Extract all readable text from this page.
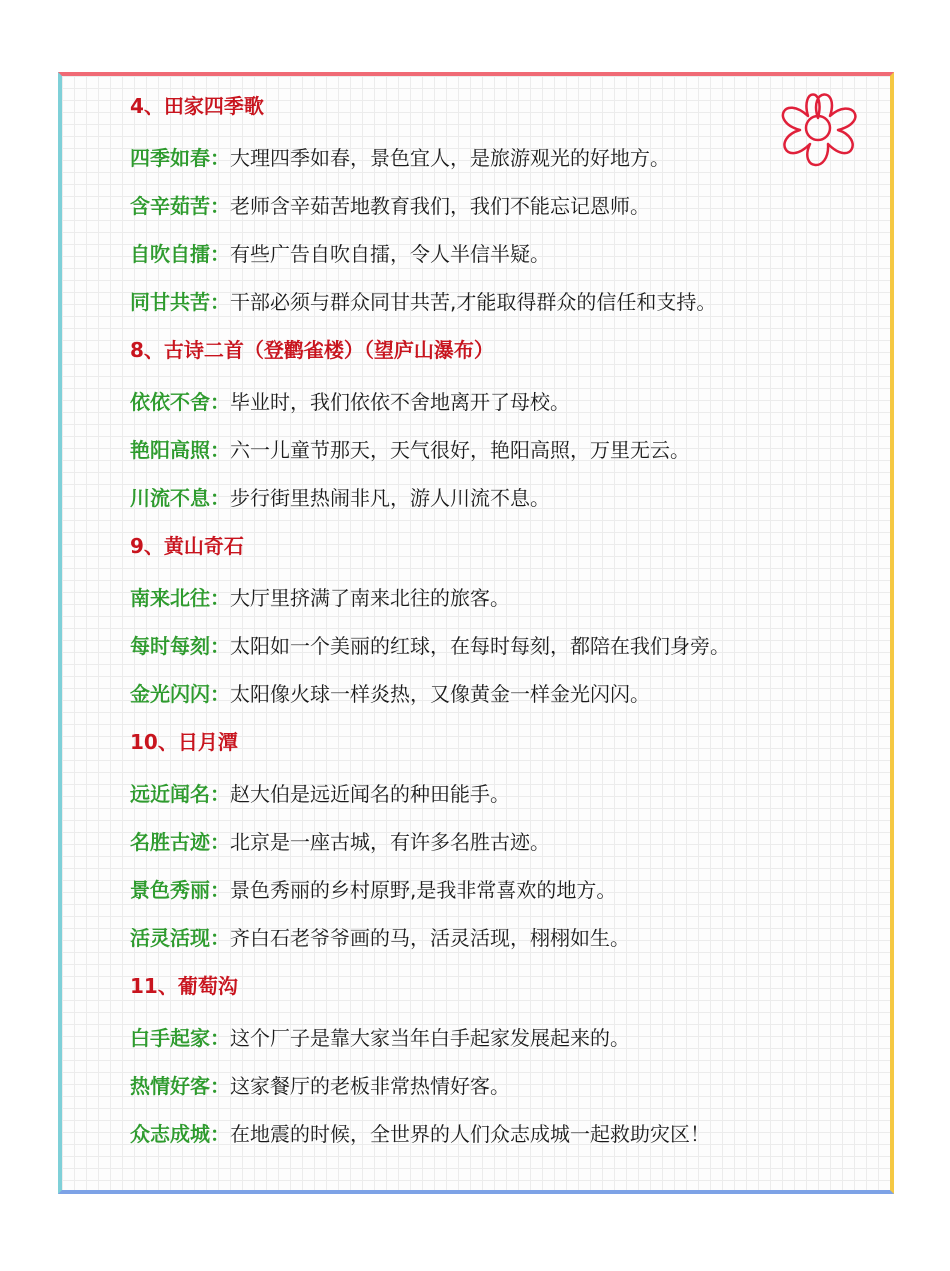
4、田家四季歌
四季如春：大理四季如春，景色宜人，是旅游观光的好地方。
含辛茹苦：老师含辛茹苦地教育我们，我们不能忘记恩师。
自吹自擂：有些广告自吹自擂，令人半信半疑。
同甘共苦：干部必须与群众同甘共苦,才能取得群众的信任和支持。
8、古诗二首（登鹳雀楼）（望庐山瀑布）
依依不舍：毕业时，我们依依不舍地离开了母校。
艳阳高照：六一儿童节那天，天气很好，艳阳高照，万里无云。
川流不息：步行街里热闹非凡，游人川流不息。
9、黄山奇石
南来北往：大厅里挤满了南来北往的旅客。
每时每刻：太阳如一个美丽的红球，在每时每刻，都陪在我们身旁。
金光闪闪：太阳像火球一样炎热，又像黄金一样金光闪闪。
10、日月潭
远近闻名：赵大伯是远近闻名的种田能手。
名胜古迹：北京是一座古城，有许多名胜古迹。
景色秀丽：景色秀丽的乡村原野,是我非常喜欢的地方。
活灵活现：齐白石老爷爷画的马，活灵活现，栩栩如生。
11、葡萄沟
白手起家：这个厂子是靠大家当年白手起家发展起来的。
热情好客：这家餐厅的老板非常热情好客。
众志成城：在地震的时候，全世界的人们众志成城一起救助灾区！
